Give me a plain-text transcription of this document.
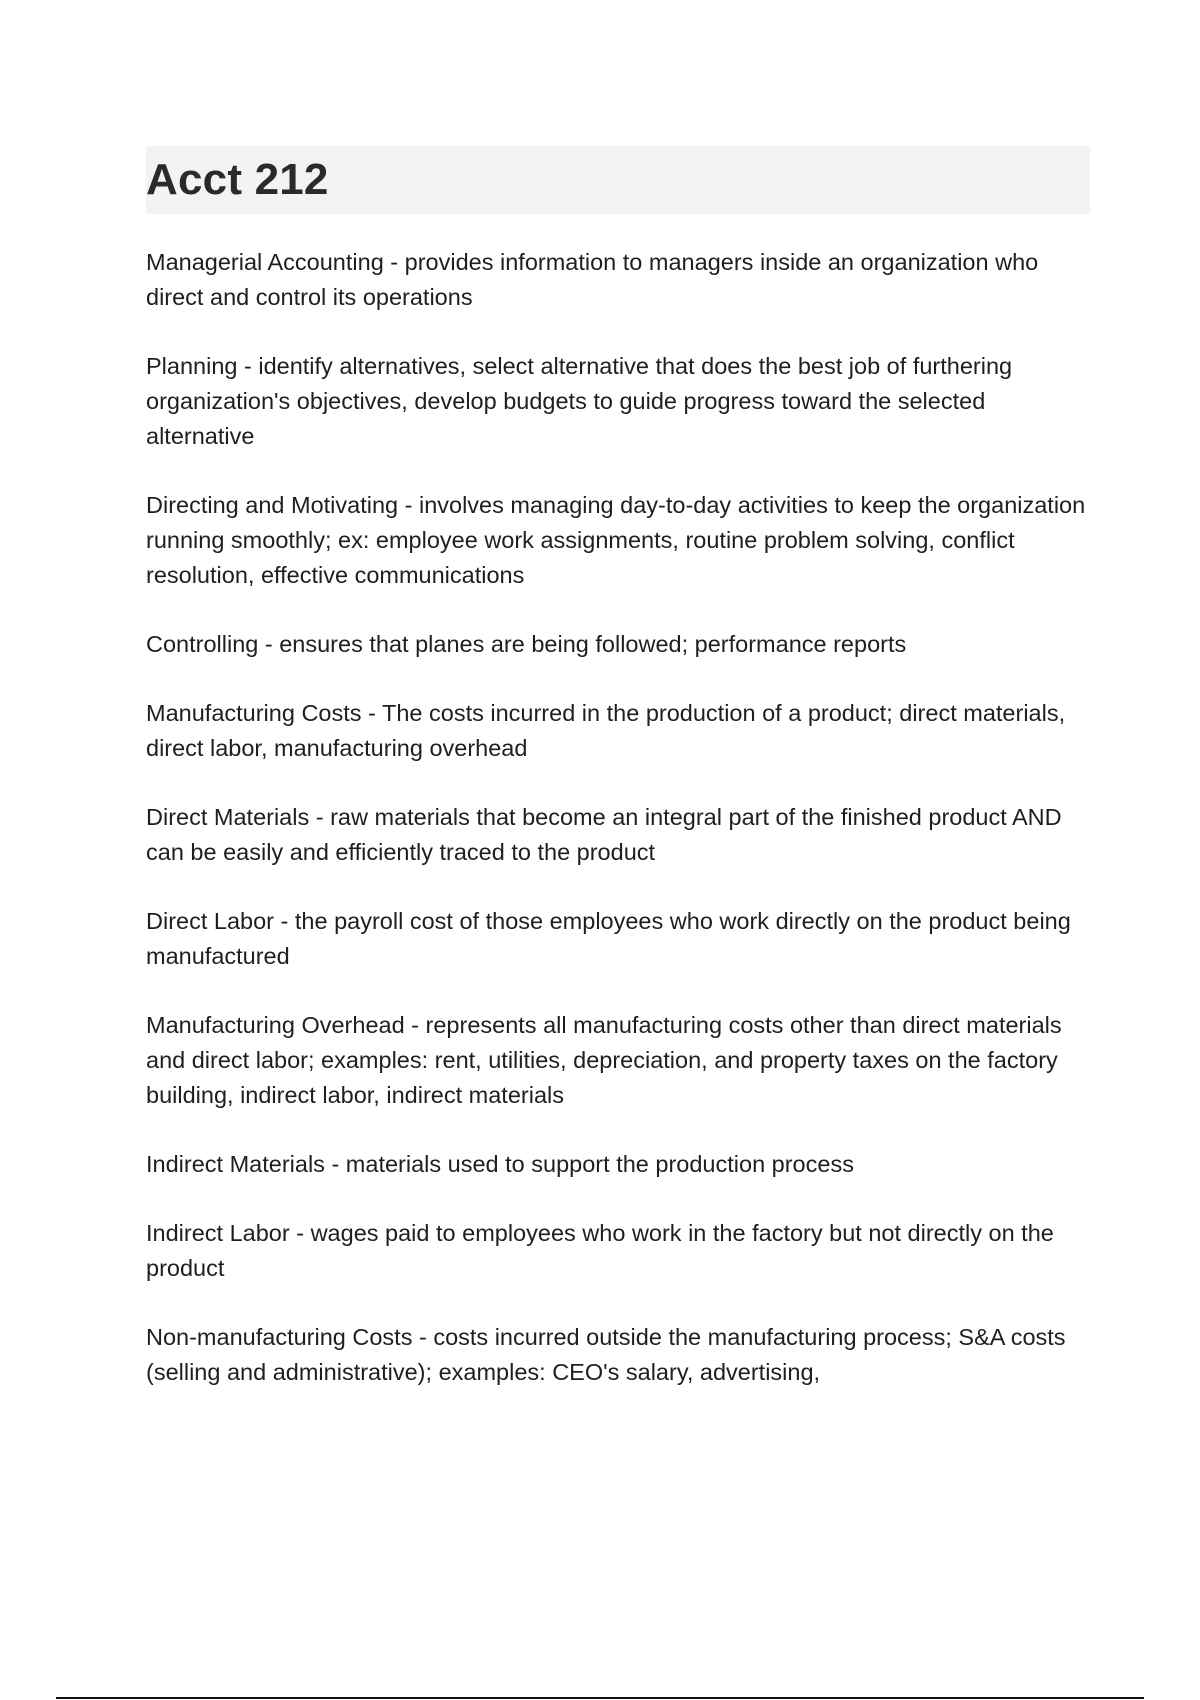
Acct 212

Managerial Accounting - provides information to managers inside an organization who direct and control its operations

Planning - identify alternatives, select alternative that does the best job of furthering organization's objectives, develop budgets to guide progress toward the selected alternative

Directing and Motivating - involves managing day-to-day activities to keep the organization running smoothly; ex: employee work assignments, routine problem solving, conflict resolution, effective communications

Controlling - ensures that planes are being followed; performance reports

Manufacturing Costs - The costs incurred in the production of a product; direct materials, direct labor, manufacturing overhead

Direct Materials - raw materials that become an integral part of the finished product AND can be easily and efficiently traced to the product

Direct Labor - the payroll cost of those employees who work directly on the product being manufactured

Manufacturing Overhead - represents all manufacturing costs other than direct materials and direct labor; examples: rent, utilities, depreciation, and property taxes on the factory building, indirect labor, indirect materials

Indirect Materials - materials used to support the production process

Indirect Labor - wages paid to employees who work in the factory but not directly on the product

Non-manufacturing Costs - costs incurred outside the manufacturing process; S&A costs (selling and administrative); examples: CEO's salary, advertising,
